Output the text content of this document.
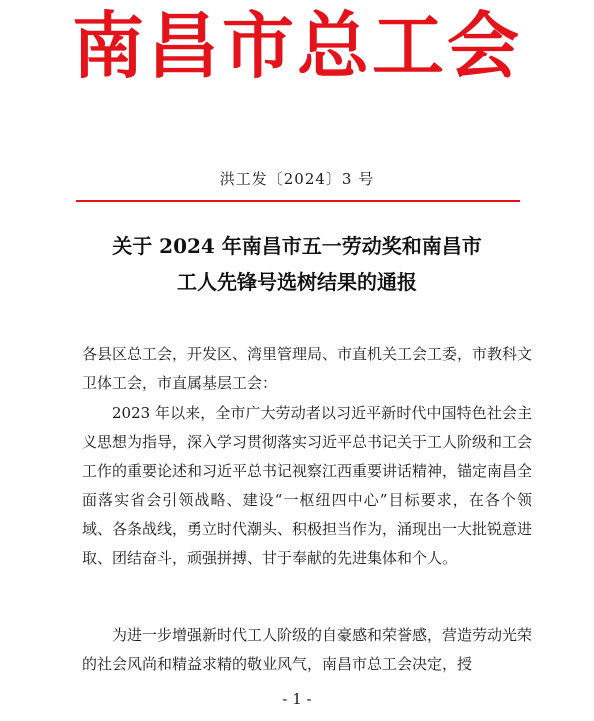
南昌市总工会
洪工发〔2024〕3 号
关于 2024 年南昌市五一劳动奖和南昌市
工人先锋号选树结果的通报
各县区总工会，开发区、湾里管理局、市直机关工会工委，市教科文卫体工会，市直属基层工会：
2023 年以来，全市广大劳动者以习近平新时代中国特色社会主义思想为指导，深入学习贯彻落实习近平总书记关于工人阶级和工会工作的重要论述和习近平总书记视察江西重要讲话精神，锚定南昌全面落实省会引领战略、建设“一枢纽四中心”目标要求，在各个领域、各条战线，勇立时代潮头、积极担当作为，涌现出一大批锐意进取、团结奋斗，顽强拼搏、甘于奉献的先进集体和个人。
为进一步增强新时代工人阶级的自豪感和荣誉感，营造劳动光荣的社会风尚和精益求精的敬业风气，南昌市总工会决定，授
- 1 -
